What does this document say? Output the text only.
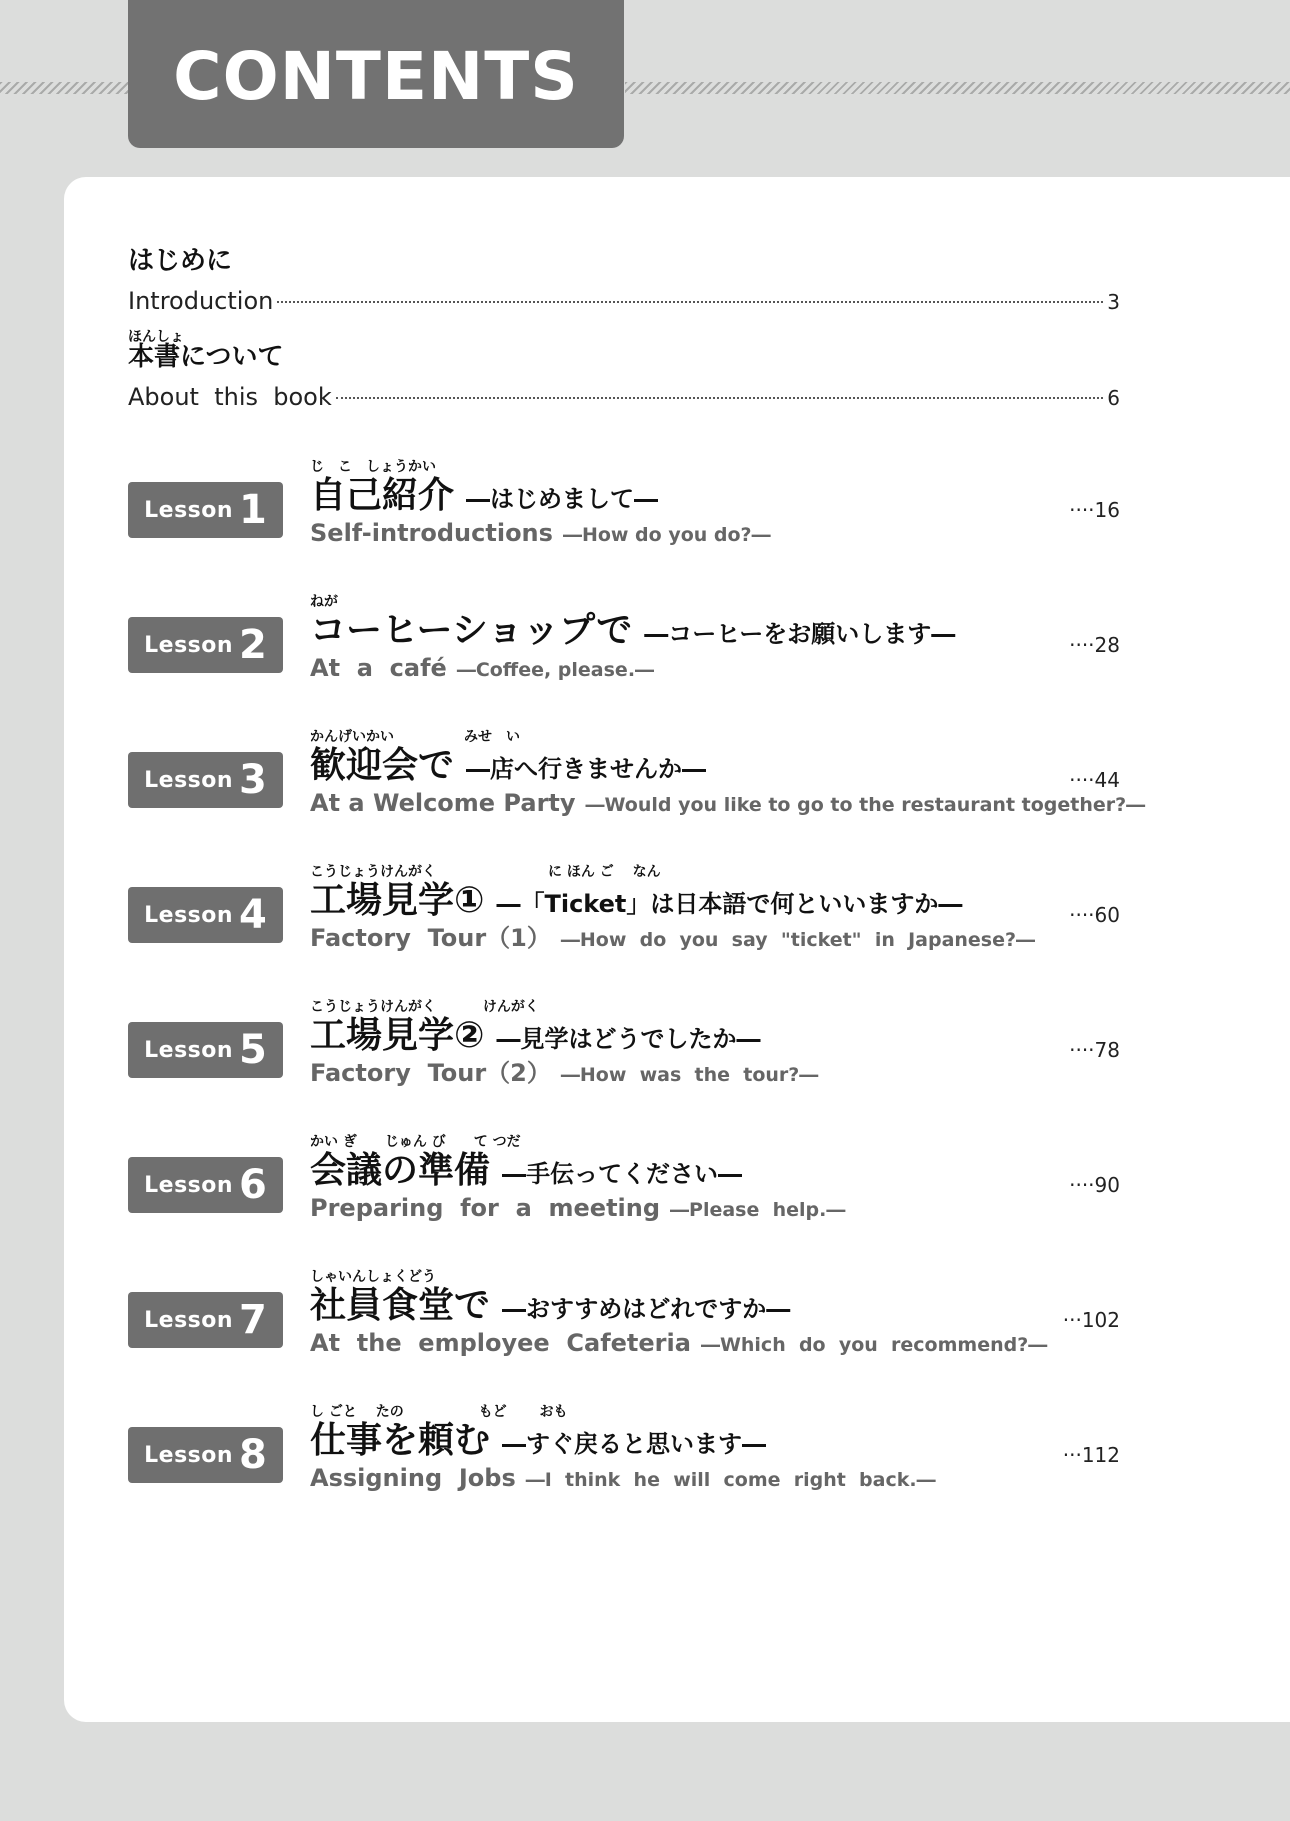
CONTENTS
はじめに
Introduction	3
ほんしょ
本書について
About  this  book	6
Lesson 1
じ　こ　しょうかい
自己紹介 ―はじめまして―
Self-introductions ―How do you do?―
····16
Lesson 2
ねが
コーヒーショップで ―コーヒーをお願いします―
At  a  café ―Coffee, please.―
····28
Lesson 3
かんげいかい　　　　　みせ　い
歓迎会で ―店へ行きませんか―
At a Welcome Party ―Would you like to go to the restaurant together?―
····44
Lesson 4
こうじょうけんがく　　　　　　　　に ほん ご　 なん
工場見学① ―「Ticket」は日本語で何といいますか―
Factory  Tour（1） ―How  do  you  say  "ticket"  in  Japanese?―
····60
Lesson 5
こうじょうけんがく　　　 けんがく
工場見学② ―見学はどうでしたか―
Factory  Tour（2） ―How  was  the  tour?―
····78
Lesson 6
かい ぎ　　じゅん び　　て つだ
会議の準備 ―手伝ってください―
Preparing  for  a  meeting ―Please  help.―
····90
Lesson 7
しゃいんしょくどう
社員食堂で ―おすすめはどれですか―
At  the  employee  Cafeteria ―Which  do  you  recommend?―
···102
Lesson 8
し ごと　 たの　　　　　 もど　　 おも
仕事を頼む ―すぐ戻ると思います―
Assigning  Jobs ―I  think  he  will  come  right  back.―
···112
